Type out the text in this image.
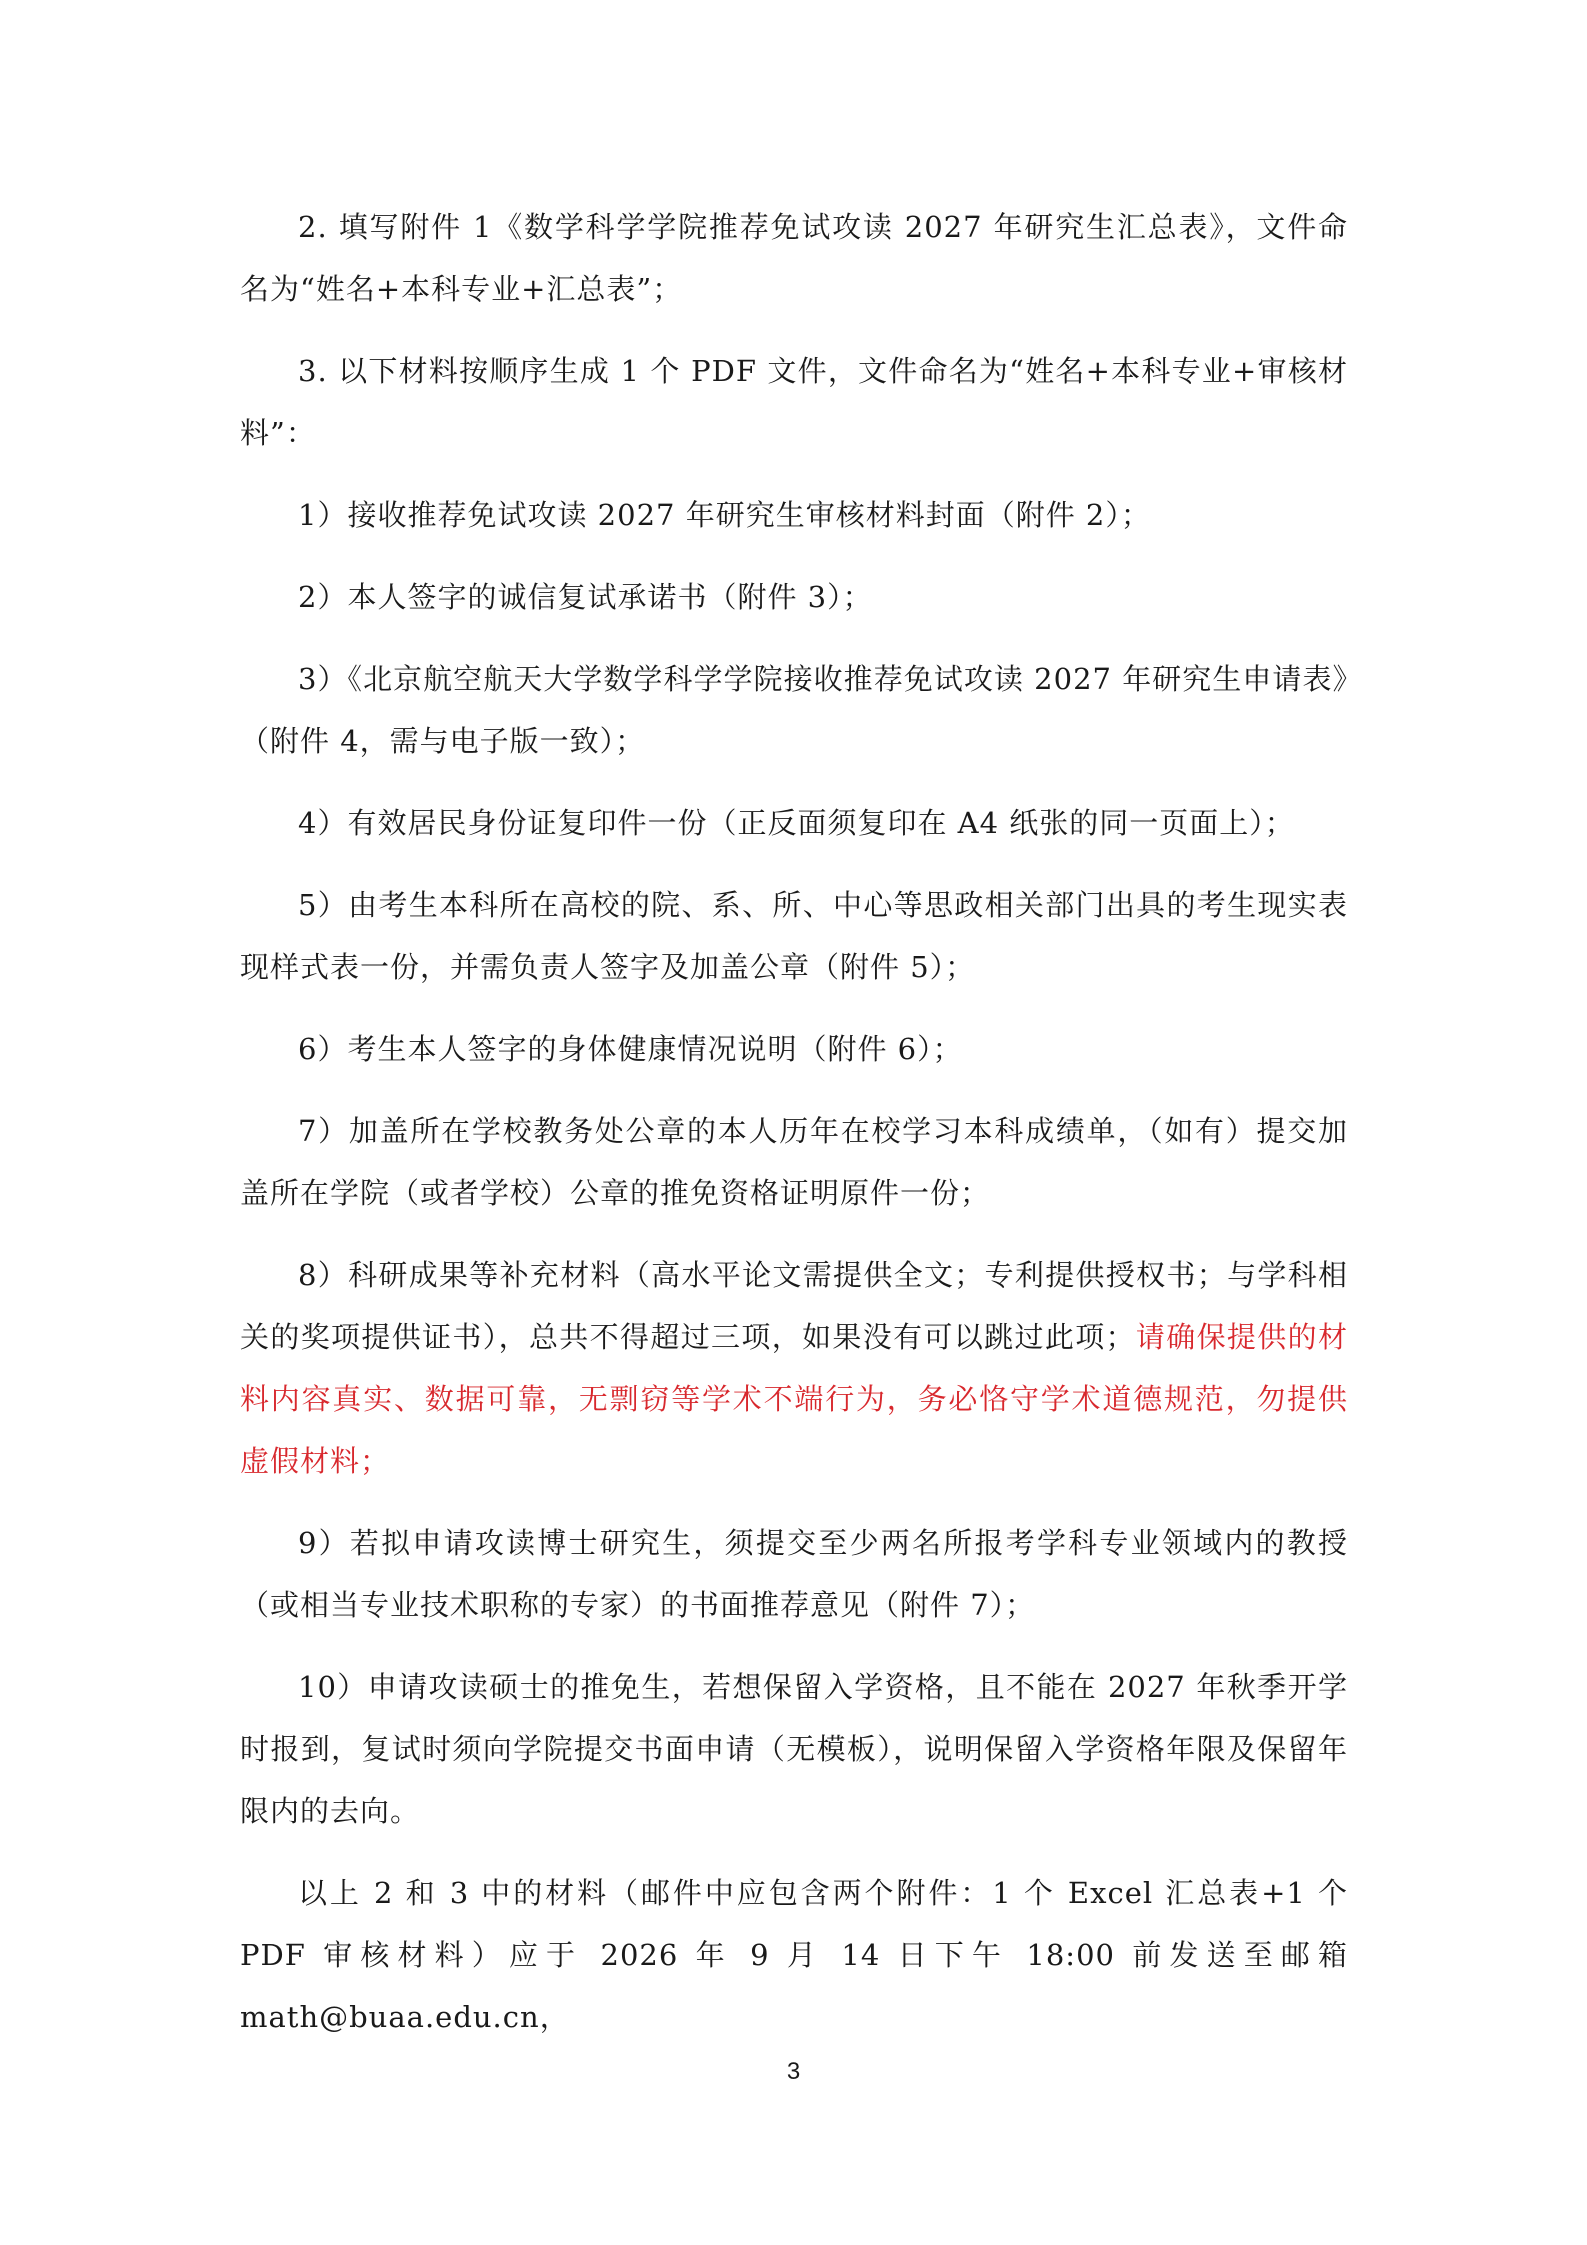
2. 填写附件 1《数学科学学院推荐免试攻读 2027 年研究生汇总表》，文件命名为“姓名+本科专业+汇总表”；

3. 以下材料按顺序生成 1 个 PDF 文件，文件命名为“姓名+本科专业+审核材料”：

1）接收推荐免试攻读 2027 年研究生审核材料封面（附件 2）；

2）本人签字的诚信复试承诺书（附件 3）；

3）《北京航空航天大学数学科学学院接收推荐免试攻读 2027 年研究生申请表》（附件 4，需与电子版一致）；

4）有效居民身份证复印件一份（正反面须复印在 A4 纸张的同一页面上）；

5）由考生本科所在高校的院、系、所、中心等思政相关部门出具的考生现实表现样式表一份，并需负责人签字及加盖公章（附件 5）；

6）考生本人签字的身体健康情况说明（附件 6）；

7）加盖所在学校教务处公章的本人历年在校学习本科成绩单，（如有）提交加盖所在学院（或者学校）公章的推免资格证明原件一份；

8）科研成果等补充材料（高水平论文需提供全文；专利提供授权书；与学科相关的奖项提供证书），总共不得超过三项，如果没有可以跳过此项；请确保提供的材料内容真实、数据可靠，无剽窃等学术不端行为，务必恪守学术道德规范，勿提供虚假材料；

9）若拟申请攻读博士研究生，须提交至少两名所报考学科专业领域内的教授（或相当专业技术职称的专家）的书面推荐意见（附件 7）；

10）申请攻读硕士的推免生，若想保留入学资格，且不能在 2027 年秋季开学时报到，复试时须向学院提交书面申请（无模板），说明保留入学资格年限及保留年限内的去向。

以上 2 和 3 中的材料（邮件中应包含两个附件：1 个 Excel 汇总表+1 个 PDF 审核材料）应于 2026 年 9 月 14 日下午 18:00 前发送至邮箱 math@buaa.edu.cn，

3
